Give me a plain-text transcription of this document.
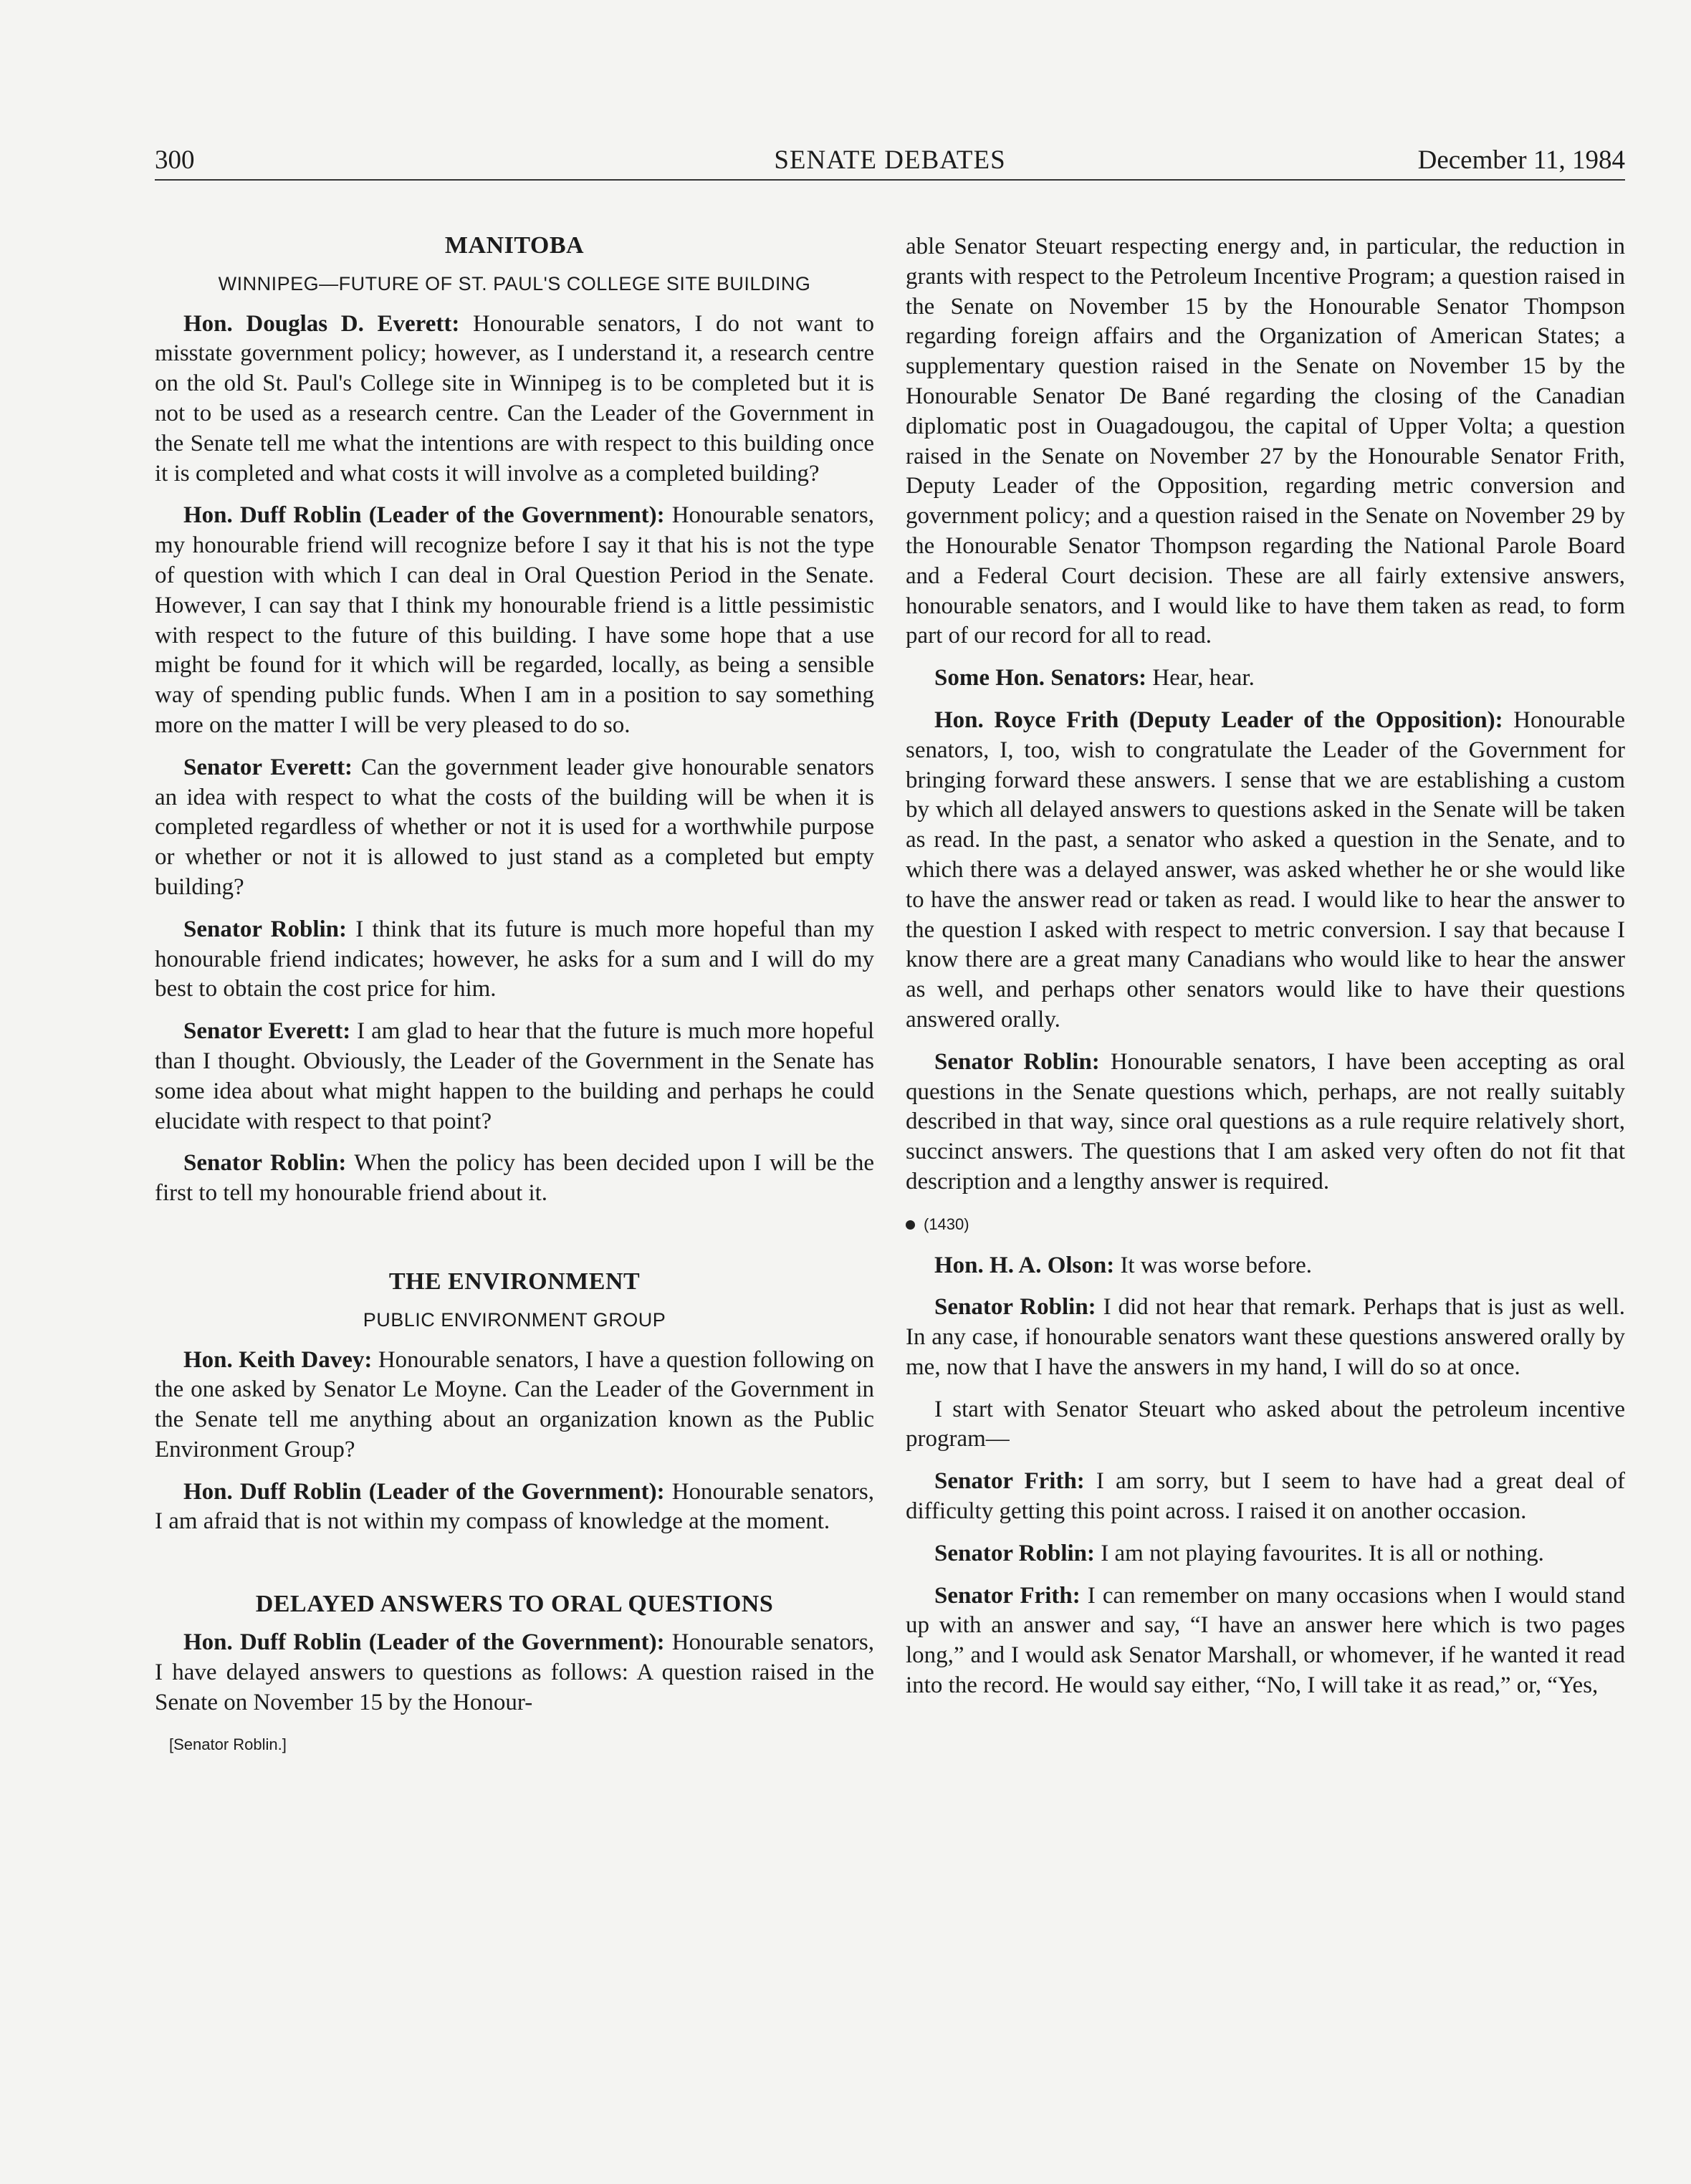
SENATE DEBATES
300	December 11, 1984
MANITOBA
WINNIPEG—FUTURE OF ST. PAUL'S COLLEGE SITE BUILDING

Hon. Douglas D. Everett: Honourable senators, I do not want to misstate government policy; however, as I understand it, a research centre on the old St. Paul's College site in Winnipeg is to be completed but it is not to be used as a research centre. Can the Leader of the Government in the Senate tell me what the intentions are with respect to this building once it is completed and what costs it will involve as a completed building?

Hon. Duff Roblin (Leader of the Government): Honourable senators, my honourable friend will recognize before I say it that his is not the type of question with which I can deal in Oral Question Period in the Senate. However, I can say that I think my honourable friend is a little pessimistic with respect to the future of this building. I have some hope that a use might be found for it which will be regarded, locally, as being a sensible way of spending public funds. When I am in a position to say something more on the matter I will be very pleased to do so.

Senator Everett: Can the government leader give honourable senators an idea with respect to what the costs of the building will be when it is completed regardless of whether or not it is used for a worthwhile purpose or whether or not it is allowed to just stand as a completed but empty building?

Senator Roblin: I think that its future is much more hopeful than my honourable friend indicates; however, he asks for a sum and I will do my best to obtain the cost price for him.

Senator Everett: I am glad to hear that the future is much more hopeful than I thought. Obviously, the Leader of the Government in the Senate has some idea about what might happen to the building and perhaps he could elucidate with respect to that point?

Senator Roblin: When the policy has been decided upon I will be the first to tell my honourable friend about it.

THE ENVIRONMENT
PUBLIC ENVIRONMENT GROUP

Hon. Keith Davey: Honourable senators, I have a question following on the one asked by Senator Le Moyne. Can the Leader of the Government in the Senate tell me anything about an organization known as the Public Environment Group?

Hon. Duff Roblin (Leader of the Government): Honourable senators, I am afraid that is not within my compass of knowledge at the moment.

DELAYED ANSWERS TO ORAL QUESTIONS

Hon. Duff Roblin (Leader of the Government): Honourable senators, I have delayed answers to questions as follows: A question raised in the Senate on November 15 by the Honour-

[Senator Roblin.]

able Senator Steuart respecting energy and, in particular, the reduction in grants with respect to the Petroleum Incentive Program; a question raised in the Senate on November 15 by the Honourable Senator Thompson regarding foreign affairs and the Organization of American States; a supplementary question raised in the Senate on November 15 by the Honourable Senator De Bané regarding the closing of the Canadian diplomatic post in Ouagadougou, the capital of Upper Volta; a question raised in the Senate on November 27 by the Honourable Senator Frith, Deputy Leader of the Opposition, regarding metric conversion and government policy; and a question raised in the Senate on November 29 by the Honourable Senator Thompson regarding the National Parole Board and a Federal Court decision. These are all fairly extensive answers, honourable senators, and I would like to have them taken as read, to form part of our record for all to read.

Some Hon. Senators: Hear, hear.

Hon. Royce Frith (Deputy Leader of the Opposition): Honourable senators, I, too, wish to congratulate the Leader of the Government for bringing forward these answers. I sense that we are establishing a custom by which all delayed answers to questions asked in the Senate will be taken as read. In the past, a senator who asked a question in the Senate, and to which there was a delayed answer, was asked whether he or she would like to have the answer read or taken as read. I would like to hear the answer to the question I asked with respect to metric conversion. I say that because I know there are a great many Canadians who would like to hear the answer as well, and perhaps other senators would like to have their questions answered orally.

Senator Roblin: Honourable senators, I have been accepting as oral questions in the Senate questions which, perhaps, are not really suitably described in that way, since oral questions as a rule require relatively short, succinct answers. The questions that I am asked very often do not fit that description and a lengthy answer is required.

(1430)

Hon. H. A. Olson: It was worse before.

Senator Roblin: I did not hear that remark. Perhaps that is just as well. In any case, if honourable senators want these questions answered orally by me, now that I have the answers in my hand, I will do so at once.

I start with Senator Steuart who asked about the petroleum incentive program—

Senator Frith: I am sorry, but I seem to have had a great deal of difficulty getting this point across. I raised it on another occasion.

Senator Roblin: I am not playing favourites. It is all or nothing.

Senator Frith: I can remember on many occasions when I would stand up with an answer and say, “I have an answer here which is two pages long,” and I would ask Senator Marshall, or whomever, if he wanted it read into the record. He would say either, “No, I will take it as read,” or, “Yes,
